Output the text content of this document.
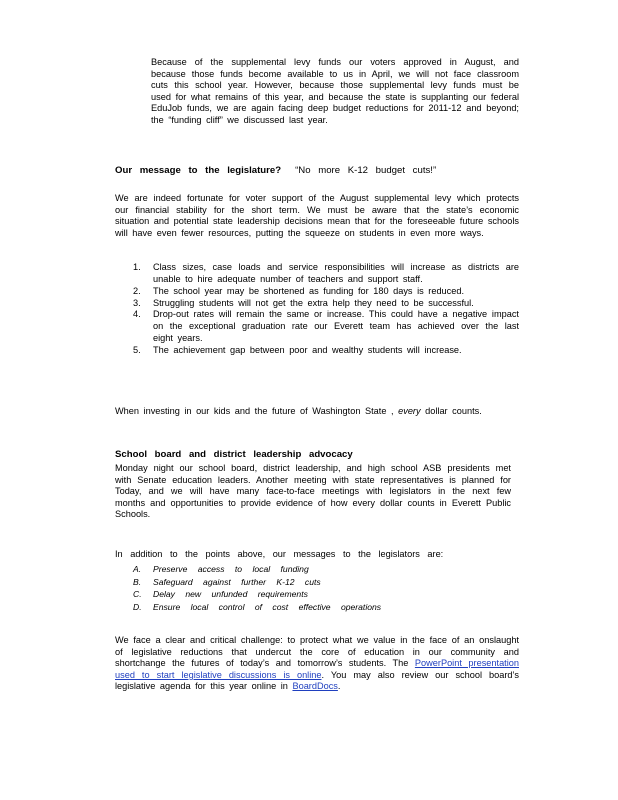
Because of the supplemental levy funds our voters approved in August, and because those funds become available to us in April, we will not face classroom cuts this school year. However, because those supplemental levy funds must be used for what remains of this year, and because the state is supplanting our federal EduJob funds, we are again facing deep budget reductions for 2011-12 and beyond; the “funding cliff” we discussed last year.

Our message to the legislature? “No more K-12 budget cuts!”

We are indeed fortunate for voter support of the August supplemental levy which protects our financial stability for the short term. We must be aware that the state’s economic situation and potential state leadership decisions mean that for the foreseeable future schools will have even fewer resources, putting the squeeze on students in even more ways.

1. Class sizes, case loads and service responsibilities will increase as districts are unable to hire adequate number of teachers and support staff.
2. The school year may be shortened as funding for 180 days is reduced.
3. Struggling students will not get the extra help they need to be successful.
4. Drop-out rates will remain the same or increase. This could have a negative impact on the exceptional graduation rate our Everett team has achieved over the last eight years.
5. The achievement gap between poor and wealthy students will increase.

When investing in our kids and the future of Washington State , every dollar counts.

School board and district leadership advocacy

Monday night our school board, district leadership, and high school ASB presidents met with Senate education leaders. Another meeting with state representatives is planned for Today, and we will have many face-to-face meetings with legislators in the next few months and opportunities to provide evidence of how every dollar counts in Everett Public Schools.

In addition to the points above, our messages to the legislators are:

A. Preserve access to local funding
B. Safeguard against further K-12 cuts
C. Delay new unfunded requirements
D. Ensure local control of cost effective operations

We face a clear and critical challenge: to protect what we value in the face of an onslaught of legislative reductions that undercut the core of education in our community and shortchange the futures of today’s and tomorrow’s students. The PowerPoint presentation used to start legislative discussions is online. You may also review our school board’s legislative agenda for this year online in BoardDocs.
